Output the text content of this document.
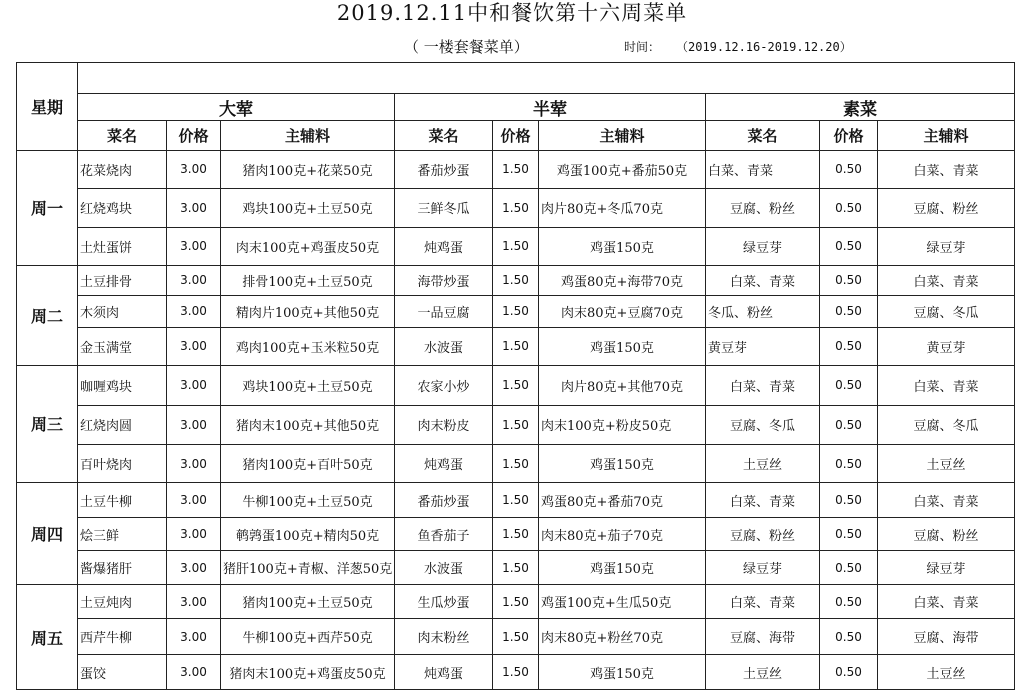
2019.12.11中和餐饮第十六周菜单
（ 一楼套餐菜单）	时间： （2019.12.16-2019.12.20）
星期									
	大荤			半荤			素菜		
	菜名	价格	主辅料	菜名	价格	主辅料	菜名	价格	主辅料
周一	花菜烧肉	3.00	猪肉100克+花菜50克	番茄炒蛋	1.50	鸡蛋100克+番茄50克	白菜、青菜	0.50	白菜、青菜
	红烧鸡块	3.00	鸡块100克+土豆50克	三鲜冬瓜	1.50	肉片80克+冬瓜70克	豆腐、粉丝	0.50	豆腐、粉丝
	土灶蛋饼	3.00	肉末100克+鸡蛋皮50克	炖鸡蛋	1.50	鸡蛋150克	绿豆芽	0.50	绿豆芽
周二	土豆排骨	3.00	排骨100克+土豆50克	海带炒蛋	1.50	鸡蛋80克+海带70克	白菜、青菜	0.50	白菜、青菜
	木须肉	3.00	精肉片100克+其他50克	一品豆腐	1.50	肉末80克+豆腐70克	冬瓜、粉丝	0.50	豆腐、冬瓜
	金玉满堂	3.00	鸡肉100克+玉米粒50克	水波蛋	1.50	鸡蛋150克	黄豆芽	0.50	黄豆芽
周三	咖喱鸡块	3.00	鸡块100克+土豆50克	农家小炒	1.50	肉片80克+其他70克	白菜、青菜	0.50	白菜、青菜
	红烧肉圆	3.00	猪肉末100克+其他50克	肉末粉皮	1.50	肉末100克+粉皮50克	豆腐、冬瓜	0.50	豆腐、冬瓜
	百叶烧肉	3.00	猪肉100克+百叶50克	炖鸡蛋	1.50	鸡蛋150克	土豆丝	0.50	土豆丝
周四	土豆牛柳	3.00	牛柳100克+土豆50克	番茄炒蛋	1.50	鸡蛋80克+番茄70克	白菜、青菜	0.50	白菜、青菜
	烩三鲜	3.00	鹌鹑蛋100克+精肉50克	鱼香茄子	1.50	肉末80克+茄子70克	豆腐、粉丝	0.50	豆腐、粉丝
	酱爆猪肝	3.00	猪肝100克+青椒、洋葱50克	水波蛋	1.50	鸡蛋150克	绿豆芽	0.50	绿豆芽
周五	土豆炖肉	3.00	猪肉100克+土豆50克	生瓜炒蛋	1.50	鸡蛋100克+生瓜50克	白菜、青菜	0.50	白菜、青菜
	西芹牛柳	3.00	牛柳100克+西芹50克	肉末粉丝	1.50	肉末80克+粉丝70克	豆腐、海带	0.50	豆腐、海带
	蛋饺	3.00	猪肉末100克+鸡蛋皮50克	炖鸡蛋	1.50	鸡蛋150克	土豆丝	0.50	土豆丝
